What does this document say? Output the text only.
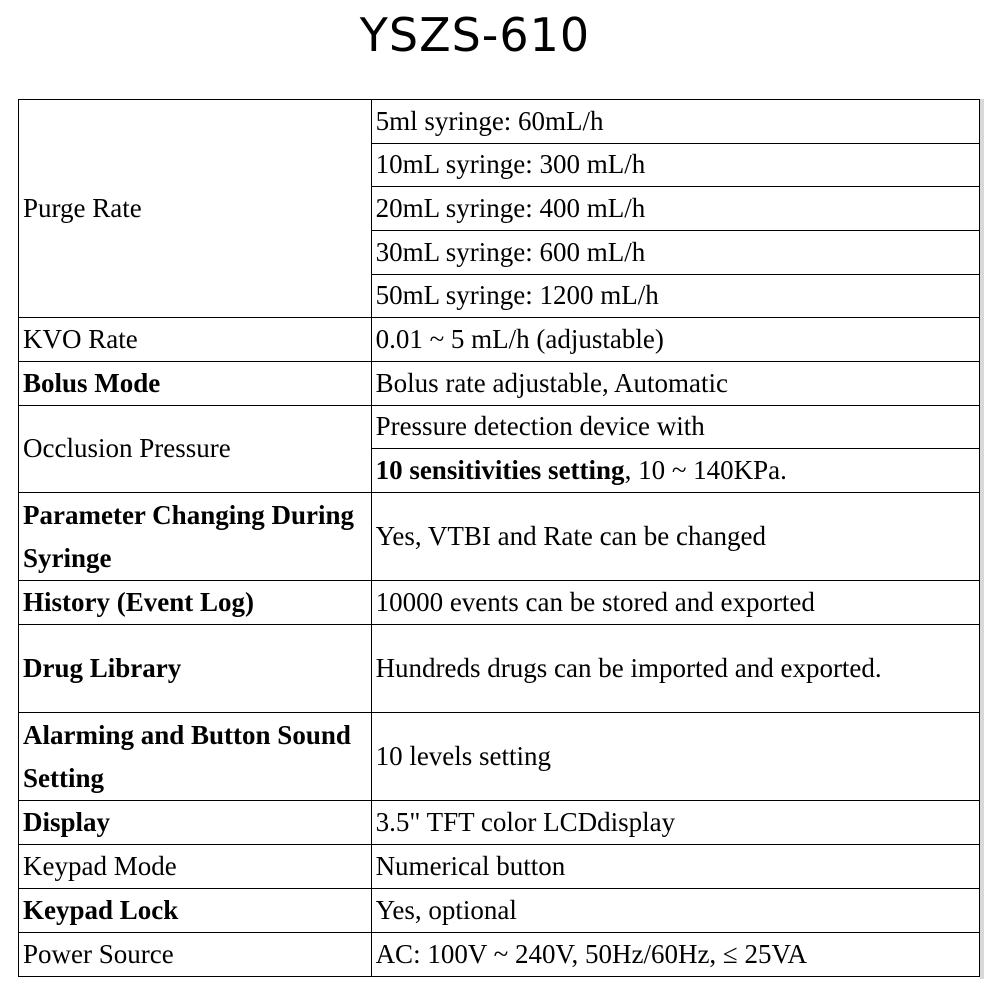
YSZS-610
Purge Rate	5ml syringe: 60mL/h
	10mL syringe: 300 mL/h
	20mL syringe: 400 mL/h
	30mL syringe: 600 mL/h
	50mL syringe: 1200 mL/h
KVO Rate	0.01 ~ 5 mL/h (adjustable)
Bolus Mode	Bolus rate adjustable, Automatic
Occlusion Pressure	Pressure detection device with
	10 sensitivities setting, 10 ~ 140KPa.
Parameter Changing During Syringe	Yes, VTBI and Rate can be changed
History (Event Log)	10000 events can be stored and exported
Drug Library	Hundreds drugs can be imported and exported.
Alarming and Button Sound Setting	10 levels setting
Display	3.5" TFT color LCDdisplay
Keypad Mode	Numerical button
Keypad Lock	Yes, optional
Power Source	AC: 100V ~ 240V, 50Hz/60Hz, ≤ 25VA
